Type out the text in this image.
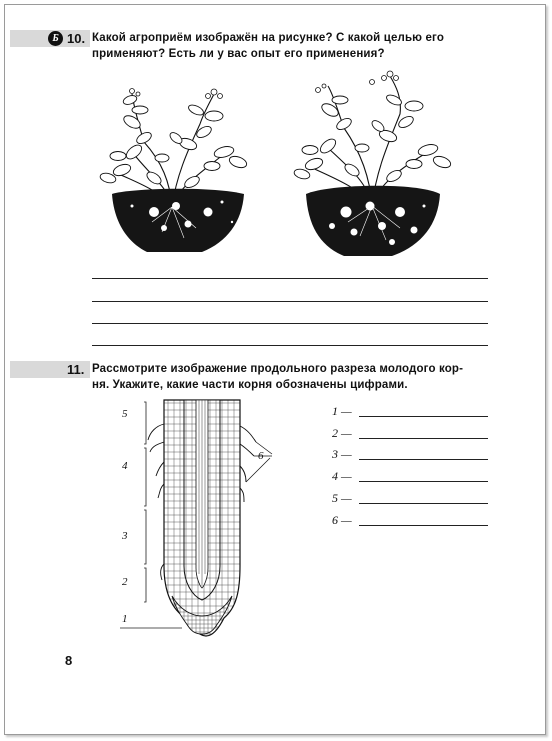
Б 10. Какой агроприём изображён на рисунке? С какой целью его
применяют? Есть ли у вас опыт его применения?
11. Рассмотрите изображение продольного разреза молодого кор-
ня. Укажите, какие части корня обозначены цифрами.
5
4
3
2
1
6
1 —
2 —
3 —
4 —
5 —
6 —
8
